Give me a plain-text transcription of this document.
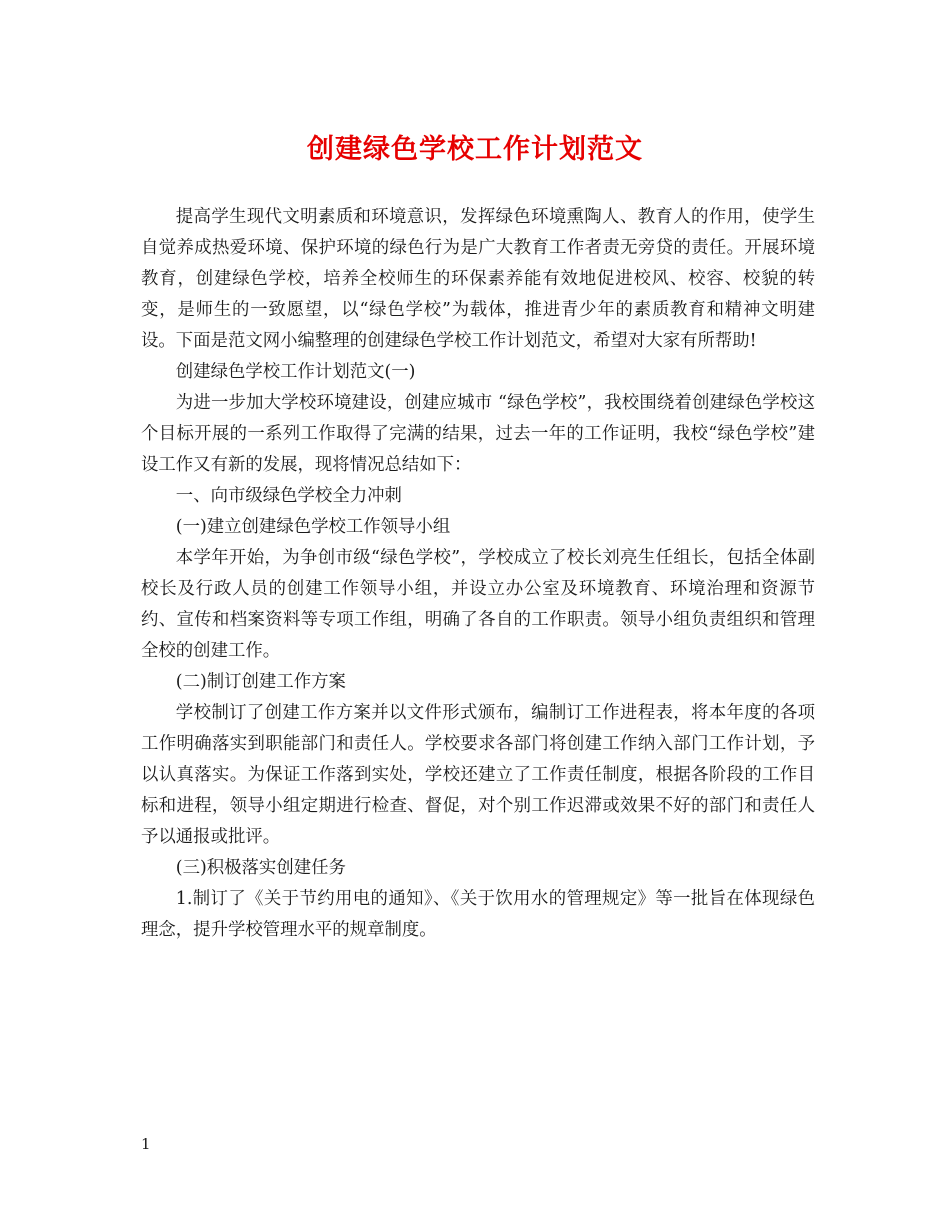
创建绿色学校工作计划范文

提高学生现代文明素质和环境意识，发挥绿色环境熏陶人、教育人的作用，使学生自觉养成热爱环境、保护环境的绿色行为是广大教育工作者责无旁贷的责任。开展环境教育，创建绿色学校，培养全校师生的环保素养能有效地促进校风、校容、校貌的转变，是师生的一致愿望，以“绿色学校”为载体，推进青少年的素质教育和精神文明建设。下面是范文网小编整理的创建绿色学校工作计划范文，希望对大家有所帮助!

创建绿色学校工作计划范文(一)

为进一步加大学校环境建设，创建应城市 “绿色学校”，我校围绕着创建绿色学校这个目标开展的一系列工作取得了完满的结果，过去一年的工作证明，我校“绿色学校”建设工作又有新的发展，现将情况总结如下：

一、向市级绿色学校全力冲刺

(一)建立创建绿色学校工作领导小组

本学年开始，为争创市级“绿色学校”，学校成立了校长刘亮生任组长，包括全体副校长及行政人员的创建工作领导小组，并设立办公室及环境教育、环境治理和资源节约、宣传和档案资料等专项工作组，明确了各自的工作职责。领导小组负责组织和管理全校的创建工作。

(二)制订创建工作方案

学校制订了创建工作方案并以文件形式颁布，编制订工作进程表，将本年度的各项工作明确落实到职能部门和责任人。学校要求各部门将创建工作纳入部门工作计划，予以认真落实。为保证工作落到实处，学校还建立了工作责任制度，根据各阶段的工作目标和进程，领导小组定期进行检查、督促，对个别工作迟滞或效果不好的部门和责任人予以通报或批评。

(三)积极落实创建任务

1.制订了《关于节约用电的通知》、《关于饮用水的管理规定》等一批旨在体现绿色理念，提升学校管理水平的规章制度。

1
